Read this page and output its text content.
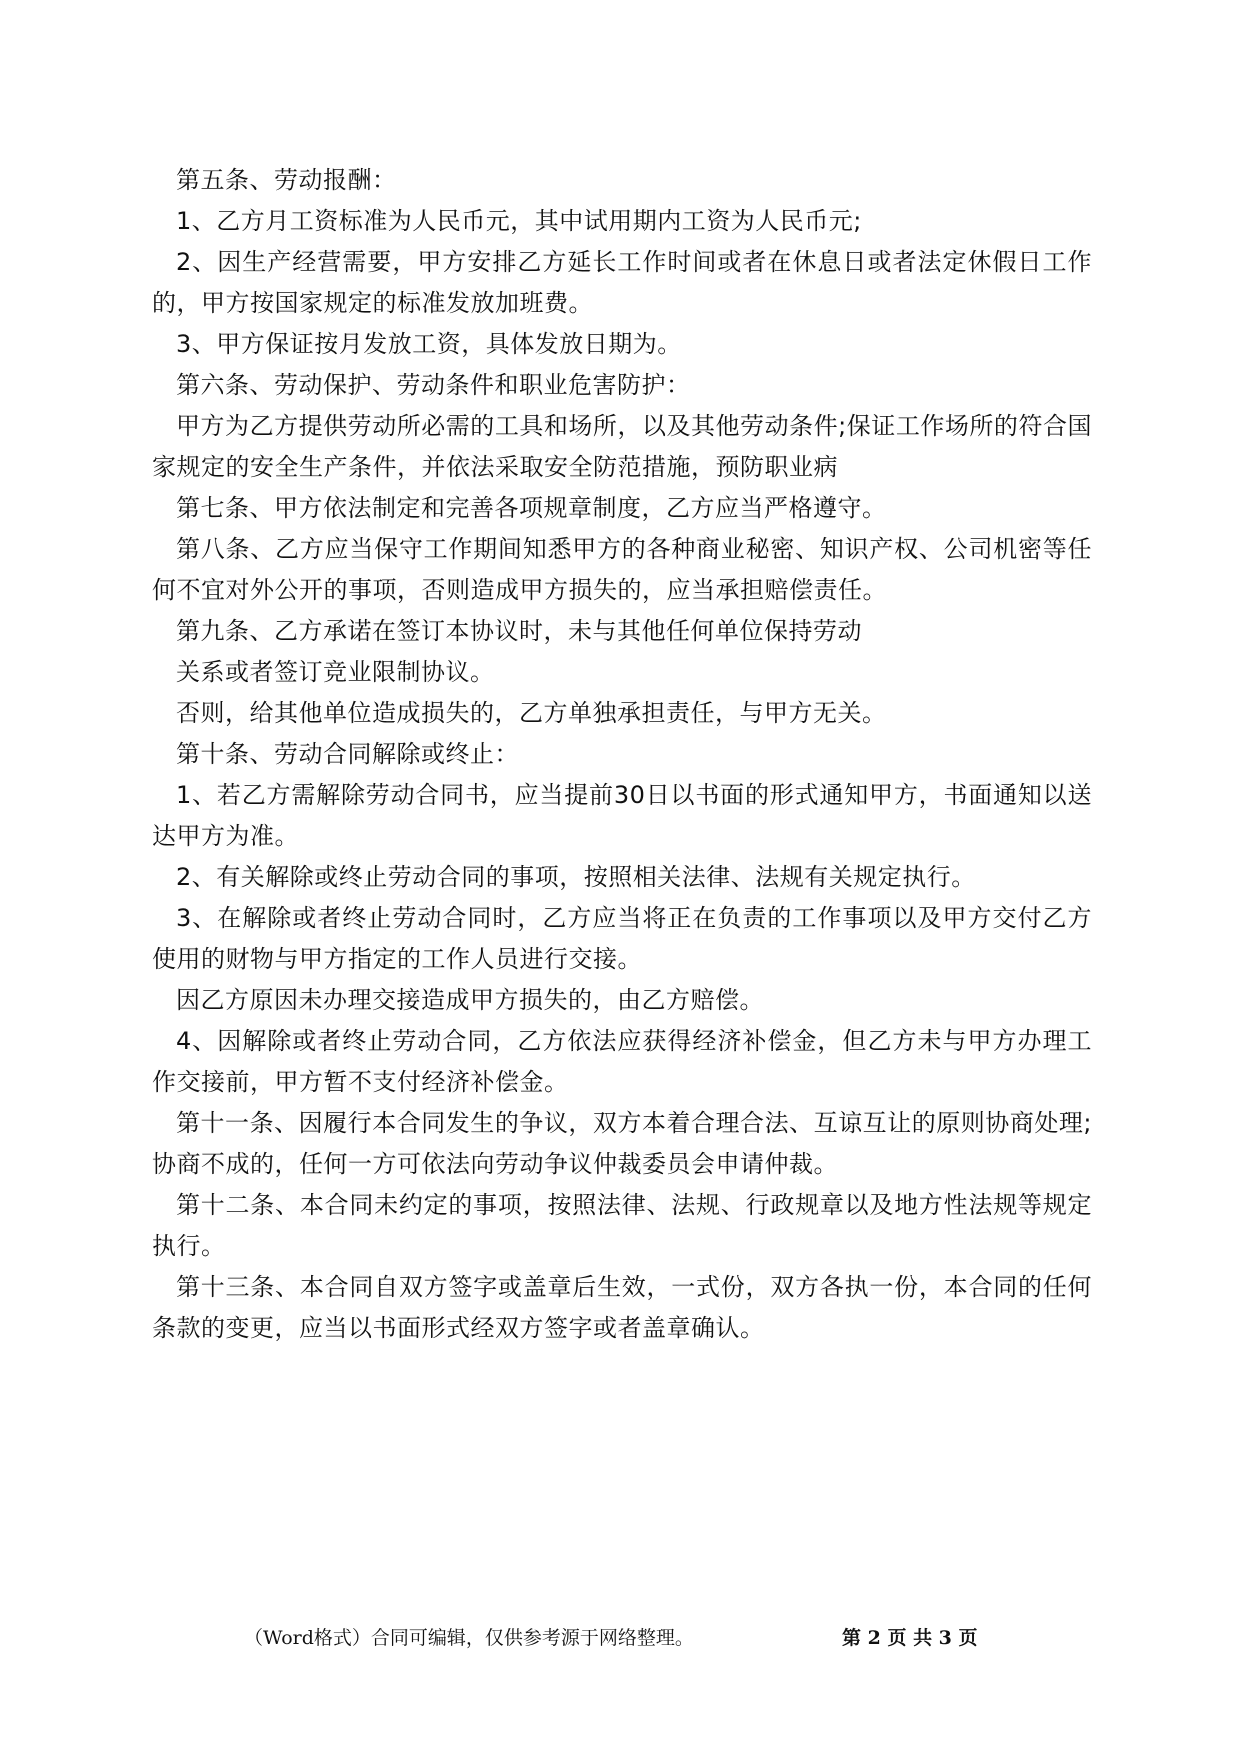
第五条、劳动报酬：

1、乙方月工资标准为人民币元，其中试用期内工资为人民币元;

2、因生产经营需要，甲方安排乙方延长工作时间或者在休息日或者法定休假日工作的，甲方按国家规定的标准发放加班费。

3、甲方保证按月发放工资，具体发放日期为。

第六条、劳动保护、劳动条件和职业危害防护：

甲方为乙方提供劳动所必需的工具和场所，以及其他劳动条件;保证工作场所的符合国家规定的安全生产条件，并依法采取安全防范措施，预防职业病

第七条、甲方依法制定和完善各项规章制度，乙方应当严格遵守。

第八条、乙方应当保守工作期间知悉甲方的各种商业秘密、知识产权、公司机密等任何不宜对外公开的事项，否则造成甲方损失的，应当承担赔偿责任。

第九条、乙方承诺在签订本协议时，未与其他任何单位保持劳动

关系或者签订竞业限制协议。

否则，给其他单位造成损失的，乙方单独承担责任，与甲方无关。

第十条、劳动合同解除或终止：

1、若乙方需解除劳动合同书，应当提前30日以书面的形式通知甲方，书面通知以送达甲方为准。

2、有关解除或终止劳动合同的事项，按照相关法律、法规有关规定执行。

3、在解除或者终止劳动合同时，乙方应当将正在负责的工作事项以及甲方交付乙方使用的财物与甲方指定的工作人员进行交接。

因乙方原因未办理交接造成甲方损失的，由乙方赔偿。

4、因解除或者终止劳动合同，乙方依法应获得经济补偿金，但乙方未与甲方办理工作交接前，甲方暂不支付经济补偿金。

第十一条、因履行本合同发生的争议，双方本着合理合法、互谅互让的原则协商处理;协商不成的，任何一方可依法向劳动争议仲裁委员会申请仲裁。

第十二条、本合同未约定的事项，按照法律、法规、行政规章以及地方性法规等规定执行。

第十三条、本合同自双方签字或盖章后生效，一式份，双方各执一份，本合同的任何条款的变更，应当以书面形式经双方签字或者盖章确认。

（Word格式）合同可编辑，仅供参考源于网络整理。	第 2 页 共 3 页
